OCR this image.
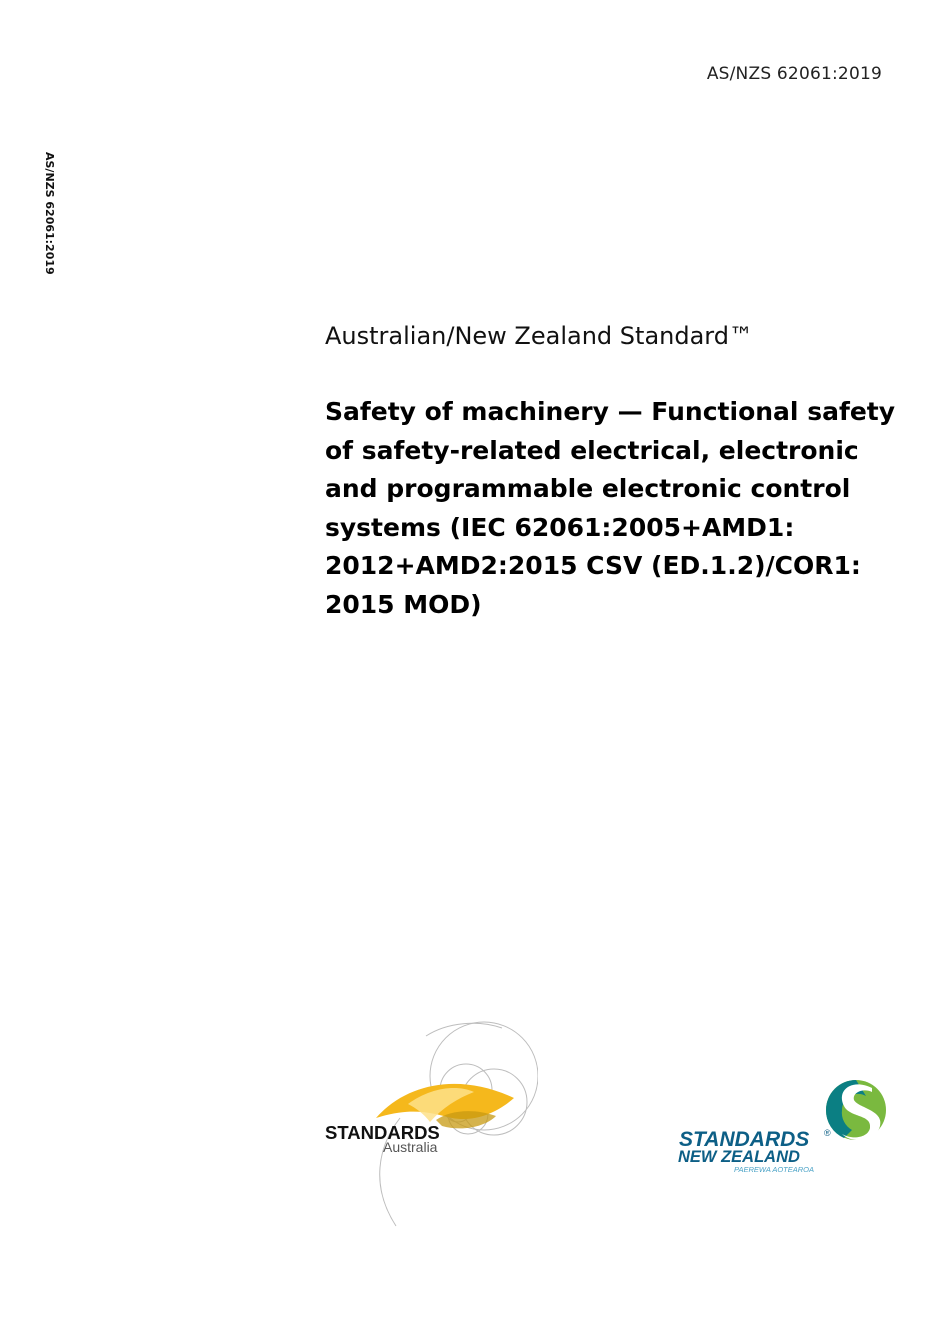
AS/NZS 62061:2019
AS/NZS 62061:2019
Australian/New Zealand Standard™
Safety of machinery — Functional safety
of safety-related electrical, electronic
and programmable electronic control
systems (IEC 62061:2005+AMD1:
2012+AMD2:2015 CSV (ED.1.2)/COR1:
2015 MOD)
STANDARDS
Australia	STANDARDS ®
NEW ZEALAND
PAEREWA AOTEAROA
